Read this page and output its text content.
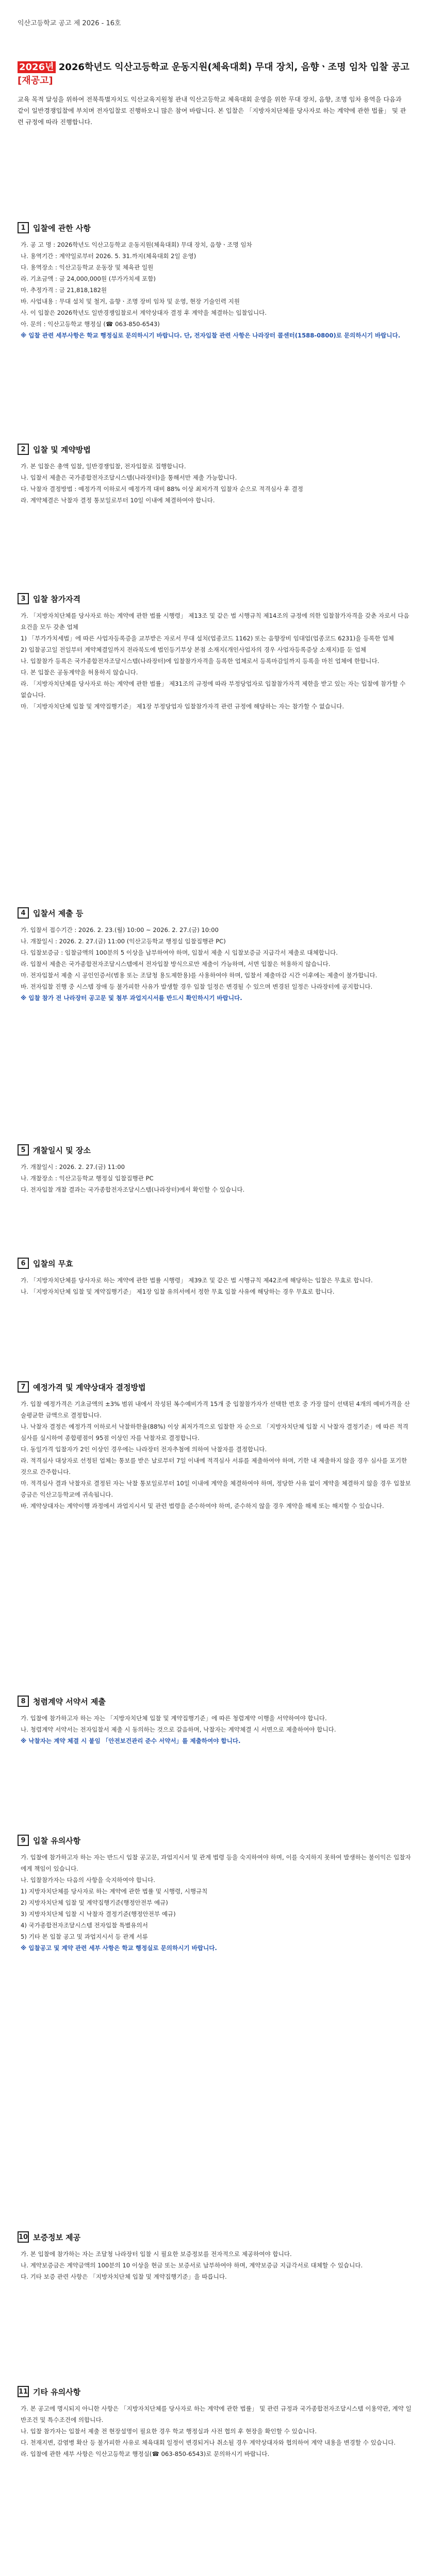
익산고등학교 공고 제 2026 - 16호
2026년 2026학년도 익산고등학교 운동지원(체육대회) 무대 장치, 음향ㆍ조명 임차 입찰 공고 [재공고]
교육 목적 달성을 위하여 전북특별자치도 익산교육지원청 관내 익산고등학교 체육대회 운영을 위한 무대 장치, 음향, 조명 임차 용역을 다음과 같이 일반경쟁입찰에 부치며 전자입찰로 진행하오니 많은 참여 바랍니다. 본 입찰은 「지방자치단체를 당사자로 하는 계약에 관한 법률」 및 관련 규정에 따라 진행합니다.
1 입찰에 관한 사항

가. 공 고 명 : 2026학년도 익산고등학교 운동지원(체육대회) 무대 장치, 음향ㆍ조명 임차

나. 용역기간 : 계약일로부터 2026. 5. 31.까지(체육대회 2일 운영)

다. 용역장소 : 익산고등학교 운동장 및 체육관 일원

라. 기초금액 : 금 24,000,000원 (부가가치세 포함)

마. 추정가격 : 금 21,818,182원

바. 사업내용 : 무대 설치 및 철거, 음향ㆍ조명 장비 임차 및 운영, 현장 기술인력 지원

사. 이 입찰은 2026학년도 일반경쟁입찰로서 계약상대자 결정 후 계약을 체결하는 입찰입니다.

아. 문의 : 익산고등학교 행정실 (☎ 063-850-6543)

※ 입찰 관련 세부사항은 학교 행정실로 문의하시기 바랍니다. 단, 전자입찰 관련 사항은 나라장터 콜센터(1588-0800)로 문의하시기 바랍니다.

2 입찰 및 계약방법

가. 본 입찰은 총액 입찰, 일반경쟁입찰, 전자입찰로 집행합니다.

나. 입찰서 제출은 국가종합전자조달시스템(나라장터)을 통해서만 제출 가능합니다.

다. 낙찰자 결정방법 : 예정가격 이하로서 예정가격 대비 88% 이상 최저가격 입찰자 순으로 적격심사 후 결정

라. 계약체결은 낙찰자 결정 통보일로부터 10일 이내에 체결하여야 합니다.

3 입찰 참가자격

가. 「지방자치단체를 당사자로 하는 계약에 관한 법률 시행령」 제13조 및 같은 법 시행규칙 제14조의 규정에 의한 입찰참가자격을 갖춘 자로서 다음 요건을 모두 갖춘 업체

1) 「부가가치세법」에 따른 사업자등록증을 교부받은 자로서 무대 설치(업종코드 1162) 또는 음향장비 임대업(업종코드 6231)을 등록한 업체

2) 입찰공고일 전일부터 계약체결일까지 전라북도에 법인등기부상 본점 소재지(개인사업자의 경우 사업자등록증상 소재지)를 둔 업체

나. 입찰참가 등록은 국가종합전자조달시스템(나라장터)에 입찰참가자격을 등록한 업체로서 등록마감일까지 등록을 마친 업체에 한합니다.

다. 본 입찰은 공동계약을 허용하지 않습니다.

라. 「지방자치단체를 당사자로 하는 계약에 관한 법률」 제31조의 규정에 따라 부정당업자로 입찰참가자격 제한을 받고 있는 자는 입찰에 참가할 수 없습니다.

마. 「지방자치단체 입찰 및 계약집행기준」 제1장 부정당업자 입찰참가자격 관련 규정에 해당하는 자는 참가할 수 없습니다.

4 입찰서 제출 등

가. 입찰서 접수기간 : 2026. 2. 23.(월) 10:00 ~ 2026. 2. 27.(금) 10:00

나. 개찰일시 : 2026. 2. 27.(금) 11:00 (익산고등학교 행정실 입찰집행관 PC)

다. 입찰보증금 : 입찰금액의 100분의 5 이상을 납부하여야 하며, 입찰서 제출 시 입찰보증금 지급각서 제출로 대체합니다.

라. 입찰서 제출은 국가종합전자조달시스템에서 전자입찰 방식으로만 제출이 가능하며, 서면 입찰은 허용하지 않습니다.

마. 전자입찰서 제출 시 공인인증서(범용 또는 조달청 용도제한용)를 사용하여야 하며, 입찰서 제출마감 시간 이후에는 제출이 불가합니다.

바. 전자입찰 진행 중 시스템 장애 등 불가피한 사유가 발생할 경우 입찰 일정은 변경될 수 있으며 변경된 일정은 나라장터에 공지합니다.

※ 입찰 참가 전 나라장터 공고문 및 첨부 과업지시서를 반드시 확인하시기 바랍니다.

5 개찰일시 및 장소

가. 개찰일시 : 2026. 2. 27.(금) 11:00

나. 개찰장소 : 익산고등학교 행정실 입찰집행관 PC

다. 전자입찰 개찰 결과는 국가종합전자조달시스템(나라장터)에서 확인할 수 있습니다.

6 입찰의 무효

가. 「지방자치단체를 당사자로 하는 계약에 관한 법률 시행령」 제39조 및 같은 법 시행규칙 제42조에 해당하는 입찰은 무효로 합니다.

나. 「지방자치단체 입찰 및 계약집행기준」 제1장 입찰 유의서에서 정한 무효 입찰 사유에 해당하는 경우 무효로 합니다.

7 예정가격 및 계약상대자 결정방법

가. 입찰 예정가격은 기초금액의 ±3% 범위 내에서 작성된 복수예비가격 15개 중 입찰참가자가 선택한 번호 중 가장 많이 선택된 4개의 예비가격을 산술평균한 금액으로 결정합니다.

나. 낙찰자 결정은 예정가격 이하로서 낙찰하한율(88%) 이상 최저가격으로 입찰한 자 순으로 「지방자치단체 입찰 시 낙찰자 결정기준」에 따른 적격심사를 실시하여 종합평점이 95점 이상인 자를 낙찰자로 결정합니다.

다. 동일가격 입찰자가 2인 이상인 경우에는 나라장터 전자추첨에 의하여 낙찰자를 결정합니다.

라. 적격심사 대상자로 선정된 업체는 통보를 받은 날로부터 7일 이내에 적격심사 서류를 제출하여야 하며, 기한 내 제출하지 않을 경우 심사를 포기한 것으로 간주합니다.

마. 적격심사 결과 낙찰자로 결정된 자는 낙찰 통보일로부터 10일 이내에 계약을 체결하여야 하며, 정당한 사유 없이 계약을 체결하지 않을 경우 입찰보증금은 익산고등학교에 귀속됩니다.

바. 계약상대자는 계약이행 과정에서 과업지시서 및 관련 법령을 준수하여야 하며, 준수하지 않을 경우 계약을 해제 또는 해지할 수 있습니다.

8 청렴계약 서약서 제출

가. 입찰에 참가하고자 하는 자는 「지방자치단체 입찰 및 계약집행기준」에 따른 청렴계약 이행을 서약하여야 합니다.

나. 청렴계약 서약서는 전자입찰서 제출 시 동의하는 것으로 갈음하며, 낙찰자는 계약체결 시 서면으로 제출하여야 합니다.

※ 낙찰자는 계약 체결 시 붙임 「안전보건관리 준수 서약서」를 제출하여야 합니다.

9 입찰 유의사항

가. 입찰에 참가하고자 하는 자는 반드시 입찰 공고문, 과업지시서 및 관계 법령 등을 숙지하여야 하며, 이를 숙지하지 못하여 발생하는 불이익은 입찰자에게 책임이 있습니다.

나. 입찰참가자는 다음의 사항을 숙지하여야 합니다.

1) 지방자치단체를 당사자로 하는 계약에 관한 법률 및 시행령, 시행규칙

2) 지방자치단체 입찰 및 계약집행기준(행정안전부 예규)

3) 지방자치단체 입찰 시 낙찰자 결정기준(행정안전부 예규)

4) 국가종합전자조달시스템 전자입찰 특별유의서

5) 기타 본 입찰 공고 및 과업지시서 등 관계 서류

※ 입찰공고 및 계약 관련 세부 사항은 학교 행정실로 문의하시기 바랍니다.

10 보증정보 제공

가. 본 입찰에 참가하는 자는 조달청 나라장터 입찰 시 필요한 보증정보를 전자적으로 제공하여야 합니다.

나. 계약보증금은 계약금액의 100분의 10 이상을 현금 또는 보증서로 납부하여야 하며, 계약보증금 지급각서로 대체할 수 있습니다.

다. 기타 보증 관련 사항은 「지방자치단체 입찰 및 계약집행기준」을 따릅니다.

11 기타 유의사항

가. 본 공고에 명시되지 아니한 사항은 「지방자치단체를 당사자로 하는 계약에 관한 법률」 및 관련 규정과 국가종합전자조달시스템 이용약관, 계약 일반조건 및 특수조건에 의합니다.

나. 입찰 참가자는 입찰서 제출 전 현장설명이 필요한 경우 학교 행정실과 사전 협의 후 현장을 확인할 수 있습니다.

다. 천재지변, 감염병 확산 등 불가피한 사유로 체육대회 일정이 변경되거나 취소될 경우 계약상대자와 협의하여 계약 내용을 변경할 수 있습니다.

라. 입찰에 관한 세부 사항은 익산고등학교 행정실(☎ 063-850-6543)로 문의하시기 바랍니다.
